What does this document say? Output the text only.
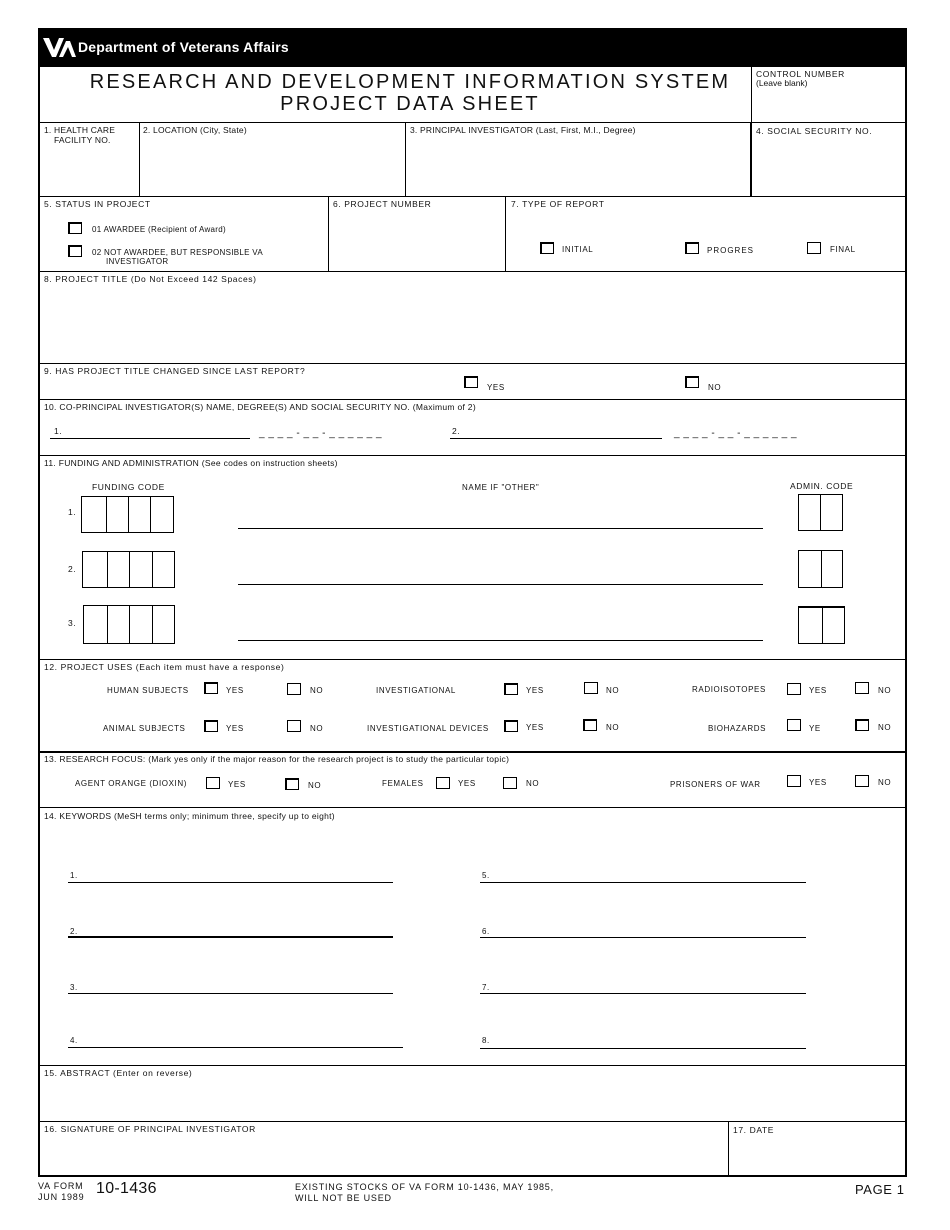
Department of Veterans Affairs
RESEARCH AND DEVELOPMENT INFORMATION SYSTEM
PROJECT DATA SHEET
CONTROL NUMBER
(Leave blank)
1. HEALTH CARE
FACILITY NO.
2. LOCATION (City, State)	3. PRINCIPAL INVESTIGATOR (Last, First, M.I., Degree)	4. SOCIAL SECURITY NO.
5. STATUS IN PROJECT
01 AWARDEE (Recipient of Award)
02 NOT AWARDEE, BUT RESPONSIBLE VA
INVESTIGATOR
6. PROJECT NUMBER	7. TYPE OF REPORT
INITIAL	PROGRES	FINAL
8. PROJECT TITLE (Do Not Exceed 142 Spaces)
9. HAS PROJECT TITLE CHANGED SINCE LAST REPORT?
YES	NO
10. CO-PRINCIPAL INVESTIGATOR(S) NAME, DEGREE(S) AND SOCIAL SECURITY NO. (Maximum of 2)
1.	_ _ _ _ - _ _ - _ _ _ _ _ _	2.	_ _ _ _ - _ _ - _ _ _ _ _ _
11. FUNDING AND ADMINISTRATION (See codes on instruction sheets)
FUNDING CODE	NAME IF "OTHER"	ADMIN. CODE
1.
2.
3.
12. PROJECT USES (Each item must have a response)
HUMAN SUBJECTS	YES	NO	INVESTIGATIONAL	YES	NO	RADIOISOTOPES	YES	NO
ANIMAL SUBJECTS	YES	NO	INVESTIGATIONAL DEVICES	YES	NO	BIOHAZARDS	YE	NO
13. RESEARCH FOCUS: (Mark yes only if the major reason for the research project is to study the particular topic)
AGENT ORANGE (DIOXIN)	YES	NO	FEMALES	YES	NO	PRISONERS OF WAR	YES	NO
14. KEYWORDS (MeSH terms only; minimum three, specify up to eight)
1.
2.
3.
4.
5.
6.
7.
8.
15. ABSTRACT (Enter on reverse)
16. SIGNATURE OF PRINCIPAL INVESTIGATOR	17. DATE
VA FORM
JUN 1989 10-1436	EXISTING STOCKS OF VA FORM 10-1436, MAY 1985,
WILL NOT BE USED
PAGE 1
